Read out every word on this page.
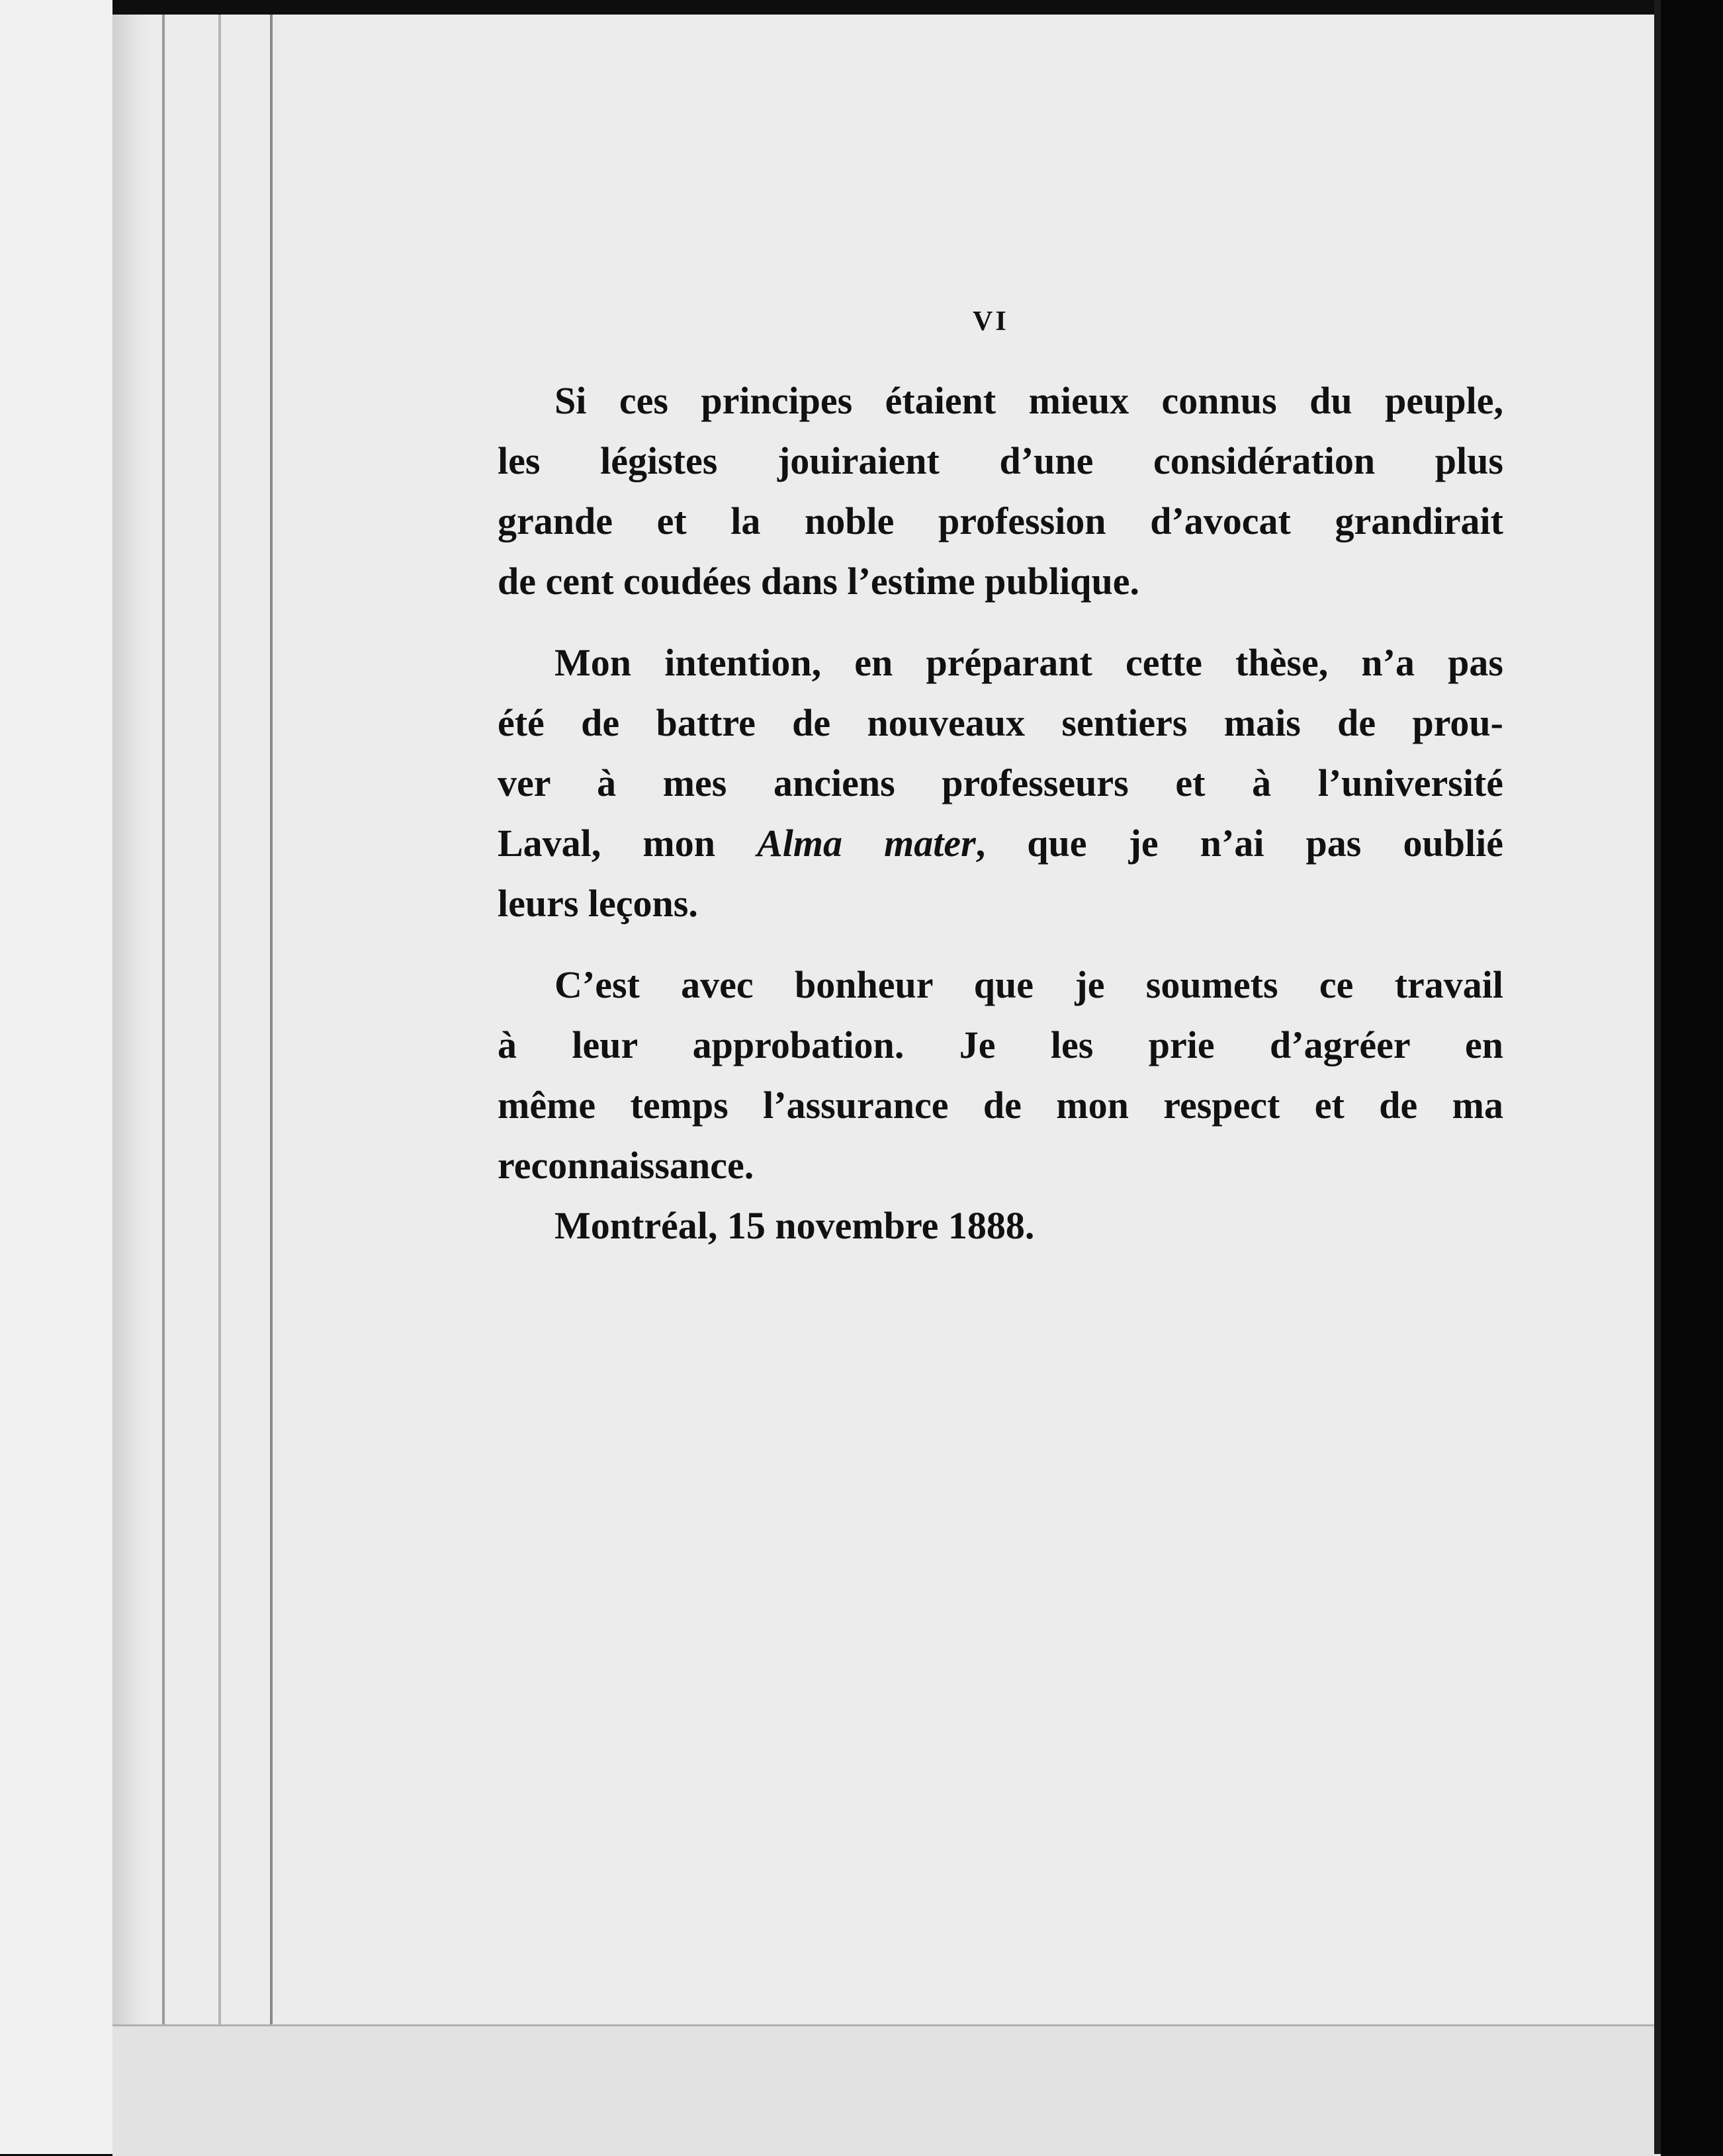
VI

Si ces principes étaient mieux connus du peuple,
les légistes jouiraient d’une considération plus
grande et la noble profession d’avocat grandirait
de cent coudées dans l’estime publique.

Mon intention, en préparant cette thèse, n’a pas
été de battre de nouveaux sentiers mais de prou-
ver à mes anciens professeurs et à l’université
Laval, mon Alma mater, que je n’ai pas oublié
leurs leçons.

C’est avec bonheur que je soumets ce travail
à leur approbation. Je les prie d’agréer en
même temps l’assurance de mon respect et de ma
reconnaissance.

Montréal, 15 novembre 1888.
